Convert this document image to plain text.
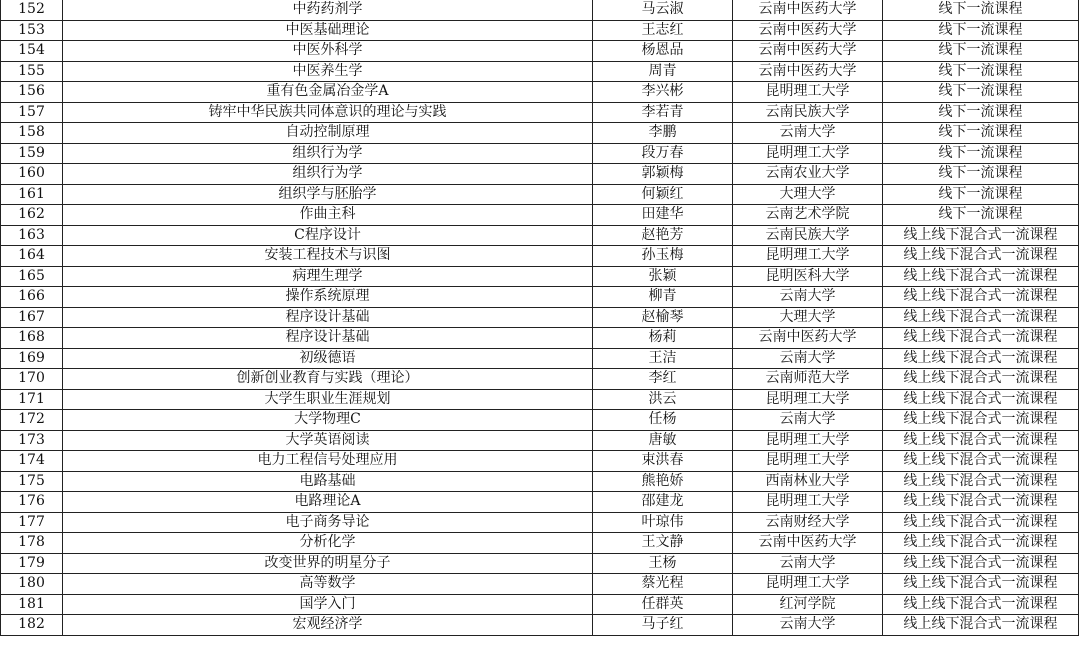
152	中药药剂学	马云淑	云南中医药大学	线下一流课程
153	中医基础理论	王志红	云南中医药大学	线下一流课程
154	中医外科学	杨恩品	云南中医药大学	线下一流课程
155	中医养生学	周青	云南中医药大学	线下一流课程
156	重有色金属冶金学A	李兴彬	昆明理工大学	线下一流课程
157	铸牢中华民族共同体意识的理论与实践	李若青	云南民族大学	线下一流课程
158	自动控制原理	李鹏	云南大学	线下一流课程
159	组织行为学	段万春	昆明理工大学	线下一流课程
160	组织行为学	郭颖梅	云南农业大学	线下一流课程
161	组织学与胚胎学	何颖红	大理大学	线下一流课程
162	作曲主科	田建华	云南艺术学院	线下一流课程
163	C程序设计	赵艳芳	云南民族大学	线上线下混合式一流课程
164	安装工程技术与识图	孙玉梅	昆明理工大学	线上线下混合式一流课程
165	病理生理学	张颖	昆明医科大学	线上线下混合式一流课程
166	操作系统原理	柳青	云南大学	线上线下混合式一流课程
167	程序设计基础	赵榆琴	大理大学	线上线下混合式一流课程
168	程序设计基础	杨莉	云南中医药大学	线上线下混合式一流课程
169	初级德语	王洁	云南大学	线上线下混合式一流课程
170	创新创业教育与实践（理论）	李红	云南师范大学	线上线下混合式一流课程
171	大学生职业生涯规划	洪云	昆明理工大学	线上线下混合式一流课程
172	大学物理C	任杨	云南大学	线上线下混合式一流课程
173	大学英语阅读	唐敏	昆明理工大学	线上线下混合式一流课程
174	电力工程信号处理应用	束洪春	昆明理工大学	线上线下混合式一流课程
175	电路基础	熊艳娇	西南林业大学	线上线下混合式一流课程
176	电路理论A	邵建龙	昆明理工大学	线上线下混合式一流课程
177	电子商务导论	叶琼伟	云南财经大学	线上线下混合式一流课程
178	分析化学	王文静	云南中医药大学	线上线下混合式一流课程
179	改变世界的明星分子	王杨	云南大学	线上线下混合式一流课程
180	高等数学	蔡光程	昆明理工大学	线上线下混合式一流课程
181	国学入门	任群英	红河学院	线上线下混合式一流课程
182	宏观经济学	马子红	云南大学	线上线下混合式一流课程
